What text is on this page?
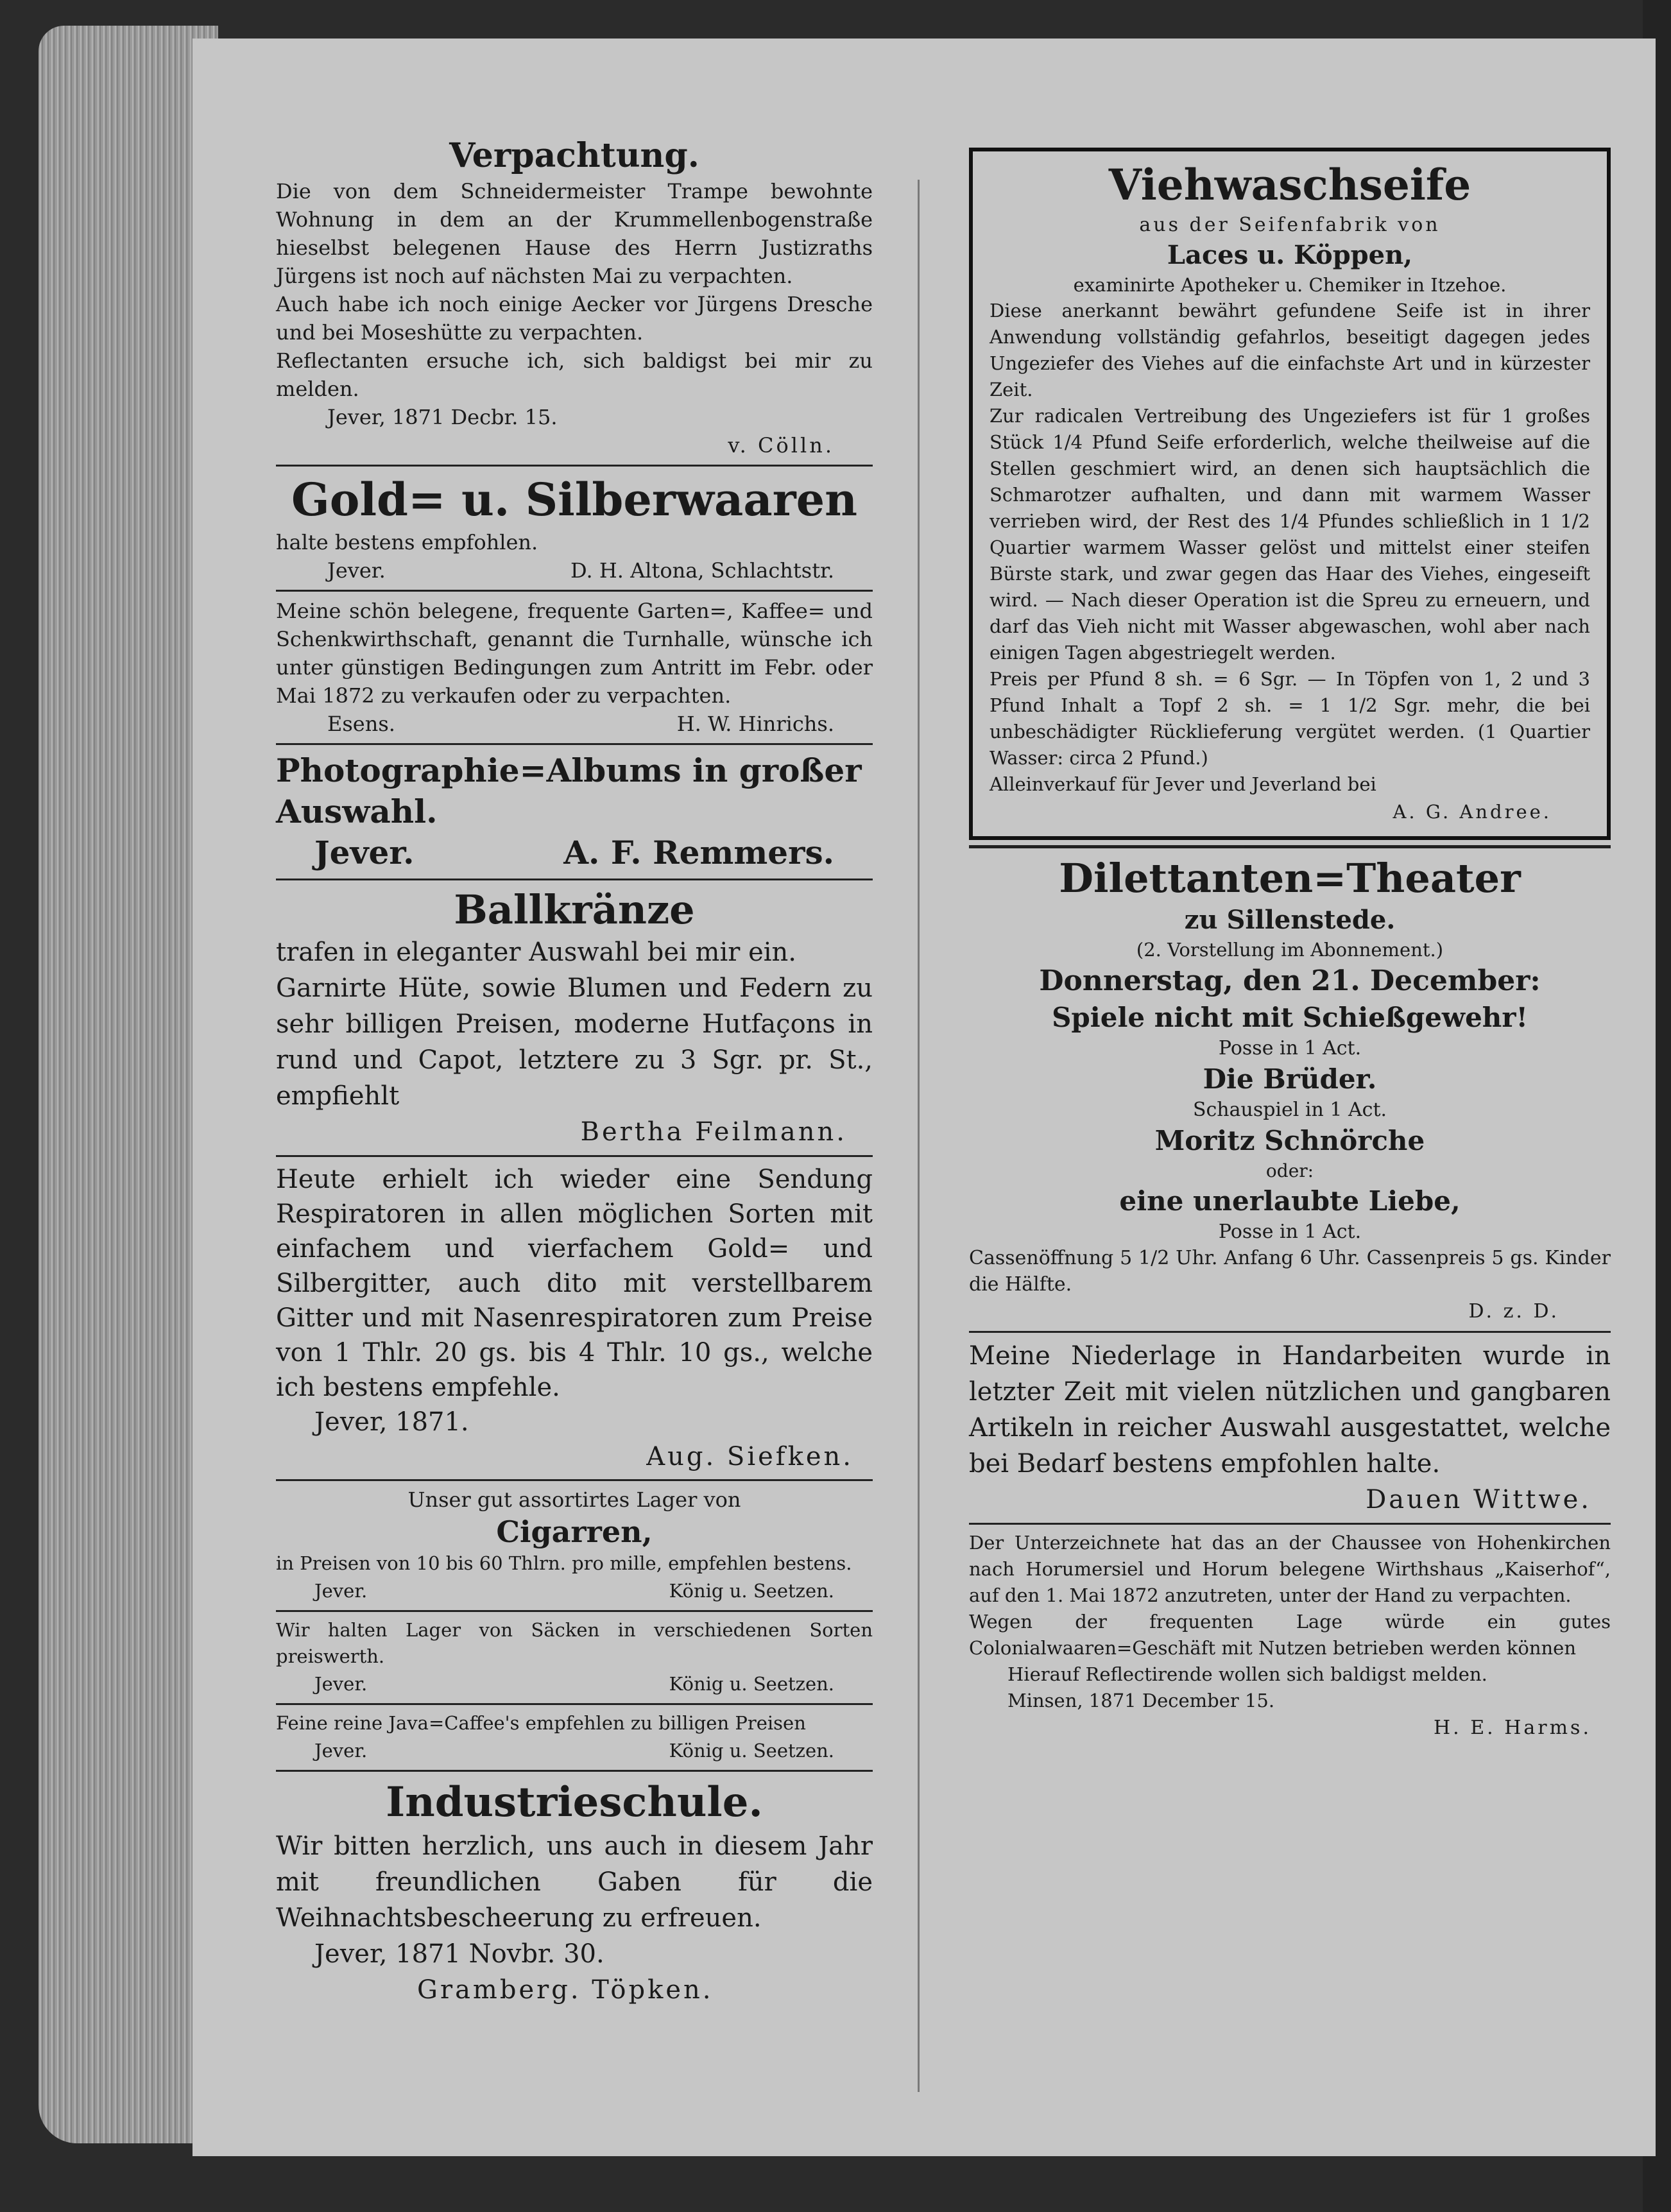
Verpachtung.

Die von dem Schneidermeister Trampe bewohnte Wohnung in dem an der Krummellenbogenstraße hieselbst belegenen Hause des Herrn Justizraths Jürgens ist noch auf nächsten Mai zu verpachten.

Auch habe ich noch einige Aecker vor Jürgens Dresche und bei Moseshütte zu verpachten.

Reflectanten ersuche ich, sich baldigst bei mir zu melden.

Jever, 1871 Decbr. 15.

v. Cölln.
Gold= u. Silberwaaren

halte bestens empfohlen.

Jever.	D. H. Altona, Schlachtstr.

Meine schön belegene, frequente Garten=, Kaffee= und Schenkwirthschaft, genannt die Turnhalle, wünsche ich unter günstigen Bedingungen zum Antritt im Febr. oder Mai 1872 zu verkaufen oder zu verpachten.

Esens.	H. W. Hinrichs.
Photographie=Albums in großer
Auswahl.
Jever.	A. F. Remmers.
Ballkränze

trafen in eleganter Auswahl bei mir ein.

Garnirte Hüte, sowie Blumen und Federn zu sehr billigen Preisen, moderne Hutfaçons in rund und Capot, letztere zu 3 Sgr. pr. St., empfiehlt

Bertha Feilmann.

Heute erhielt ich wieder eine Sendung Respiratoren in allen möglichen Sorten mit einfachem und vierfachem Gold= und Silbergitter, auch dito mit verstellbarem Gitter und mit Nasenrespiratoren zum Preise von 1 Thlr. 20 gs. bis 4 Thlr. 10 gs., welche ich bestens empfehle.

Jever, 1871.

Aug. Siefken.
Unser gut assortirtes Lager von
Cigarren,

in Preisen von 10 bis 60 Thlrn. pro mille, empfehlen bestens.

Jever.	König u. Seetzen.

Wir halten Lager von Säcken in verschiedenen Sorten preiswerth.

Jever.	König u. Seetzen.

Feine reine Java=Caffee's empfehlen zu billigen Preisen

Jever.	König u. Seetzen.
Industrieschule.

Wir bitten herzlich, uns auch in diesem Jahr mit freundlichen Gaben für die Weihnachtsbescheerung zu erfreuen.

Jever, 1871 Novbr. 30.

Gramberg. Töpken.
Viehwaschseife
aus der Seifenfabrik von
Laces u. Köppen,
examinirte Apotheker u. Chemiker in Itzehoe.

Diese anerkannt bewährt gefundene Seife ist in ihrer Anwendung vollständig gefahrlos, beseitigt dagegen jedes Ungeziefer des Viehes auf die einfachste Art und in kürzester Zeit.

Zur radicalen Vertreibung des Ungeziefers ist für 1 großes Stück 1/4 Pfund Seife erforderlich, welche theilweise auf die Stellen geschmiert wird, an denen sich hauptsächlich die Schmarotzer aufhalten, und dann mit warmem Wasser verrieben wird, der Rest des 1/4 Pfundes schließlich in 1 1/2 Quartier warmem Wasser gelöst und mittelst einer steifen Bürste stark, und zwar gegen das Haar des Viehes, eingeseift wird. — Nach dieser Operation ist die Spreu zu erneuern, und darf das Vieh nicht mit Wasser abgewaschen, wohl aber nach einigen Tagen abgestriegelt werden.

Preis per Pfund 8 sh. = 6 Sgr. — In Töpfen von 1, 2 und 3 Pfund Inhalt a Topf 2 sh. = 1 1/2 Sgr. mehr, die bei unbeschädigter Rücklieferung vergütet werden. (1 Quartier Wasser: circa 2 Pfund.)

Alleinverkauf für Jever und Jeverland bei

A. G. Andree.
Dilettanten=Theater
zu Sillenstede.
(2. Vorstellung im Abonnement.)
Donnerstag, den 21. December:
Spiele nicht mit Schießgewehr!
Posse in 1 Act.
Die Brüder.
Schauspiel in 1 Act.
Moritz Schnörche
oder:
eine unerlaubte Liebe,
Posse in 1 Act.

Cassenöffnung 5 1/2 Uhr. Anfang 6 Uhr. Cassenpreis 5 gs. Kinder die Hälfte.

D. z. D.

Meine Niederlage in Handarbeiten wurde in letzter Zeit mit vielen nützlichen und gangbaren Artikeln in reicher Auswahl ausgestattet, welche bei Bedarf bestens empfohlen halte.

Dauen Wittwe.

Der Unterzeichnete hat das an der Chaussee von Hohenkirchen nach Horumersiel und Horum belegene Wirthshaus „Kaiserhof“, auf den 1. Mai 1872 anzutreten, unter der Hand zu verpachten.

Wegen der frequenten Lage würde ein gutes Colonialwaaren=Geschäft mit Nutzen betrieben werden können

Hierauf Reflectirende wollen sich baldigst melden.

Minsen, 1871 December 15.

H. E. Harms.
